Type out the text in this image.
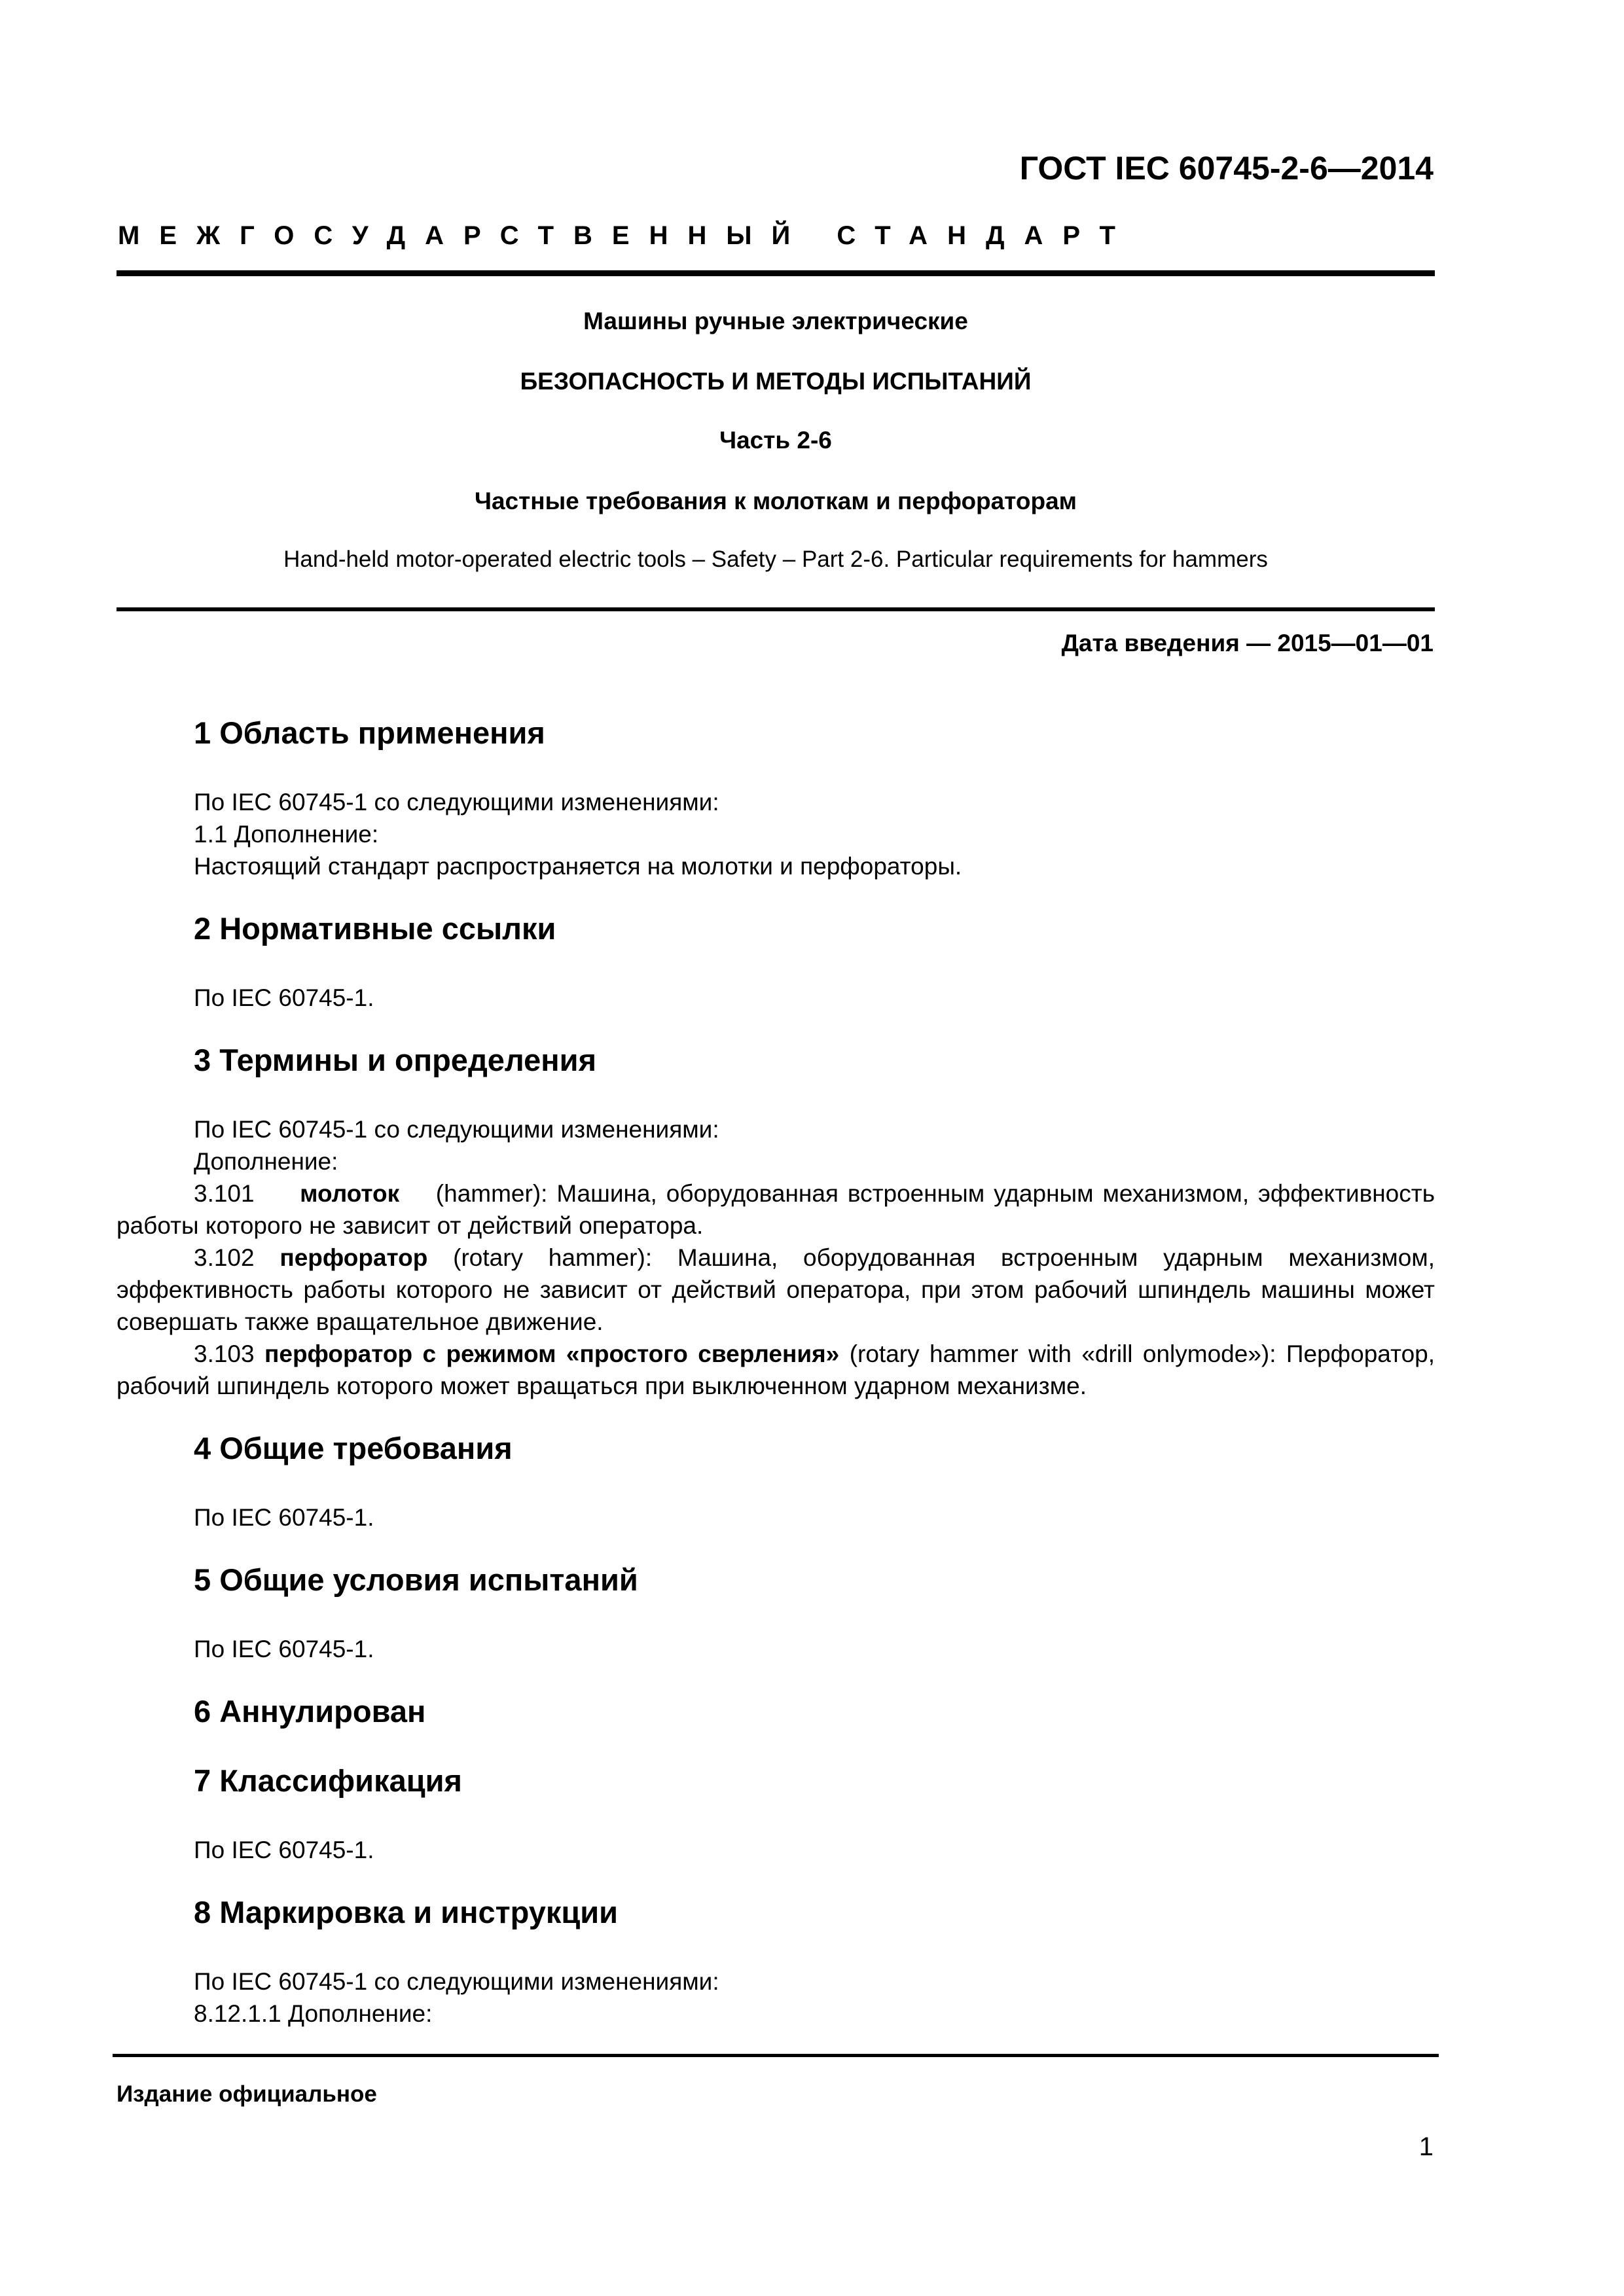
ГОСТ IEC 60745-2-6—2014
МЕЖГОСУДАРСТВЕННЫЙ СТАНДАРТ
Машины ручные электрические
БЕЗОПАСНОСТЬ И МЕТОДЫ ИСПЫТАНИЙ
Часть 2-6
Частные требования к молоткам и перфораторам
Hand-held motor-operated electric tools – Safety – Part 2-6. Particular requirements for hammers
Дата введения — 2015—01—01
1 Область применения

По IEC 60745-1 со следующими изменениями:

1.1 Дополнение:

Настоящий стандарт распространяется на молотки и перфораторы.

2 Нормативные ссылки

По IEC 60745-1.

3 Термины и определения

По IEC 60745-1 со следующими изменениями:

Дополнение:

3.101 молоток (hammer): Машина, оборудованная встроенным ударным механизмом, эффективность работы которого не зависит от действий оператора.

3.102 перфоратор (rotary hammer): Машина, оборудованная встроенным ударным механизмом, эффективность работы которого не зависит от действий оператора, при этом рабочий шпиндель машины может совершать также вращательное движение.

3.103 перфоратор с режимом «простого сверления» (rotary hammer with «drill onlymode»): Перфоратор, рабочий шпиндель которого может вращаться при выключенном ударном механизме.

4 Общие требования

По IEC 60745-1.

5 Общие условия испытаний

По IEC 60745-1.

6 Аннулирован
7 Классификация

По IEC 60745-1.

8 Маркировка и инструкции

По IEC 60745-1 со следующими изменениями:

8.12.1.1 Дополнение:

Издание официальное
1
